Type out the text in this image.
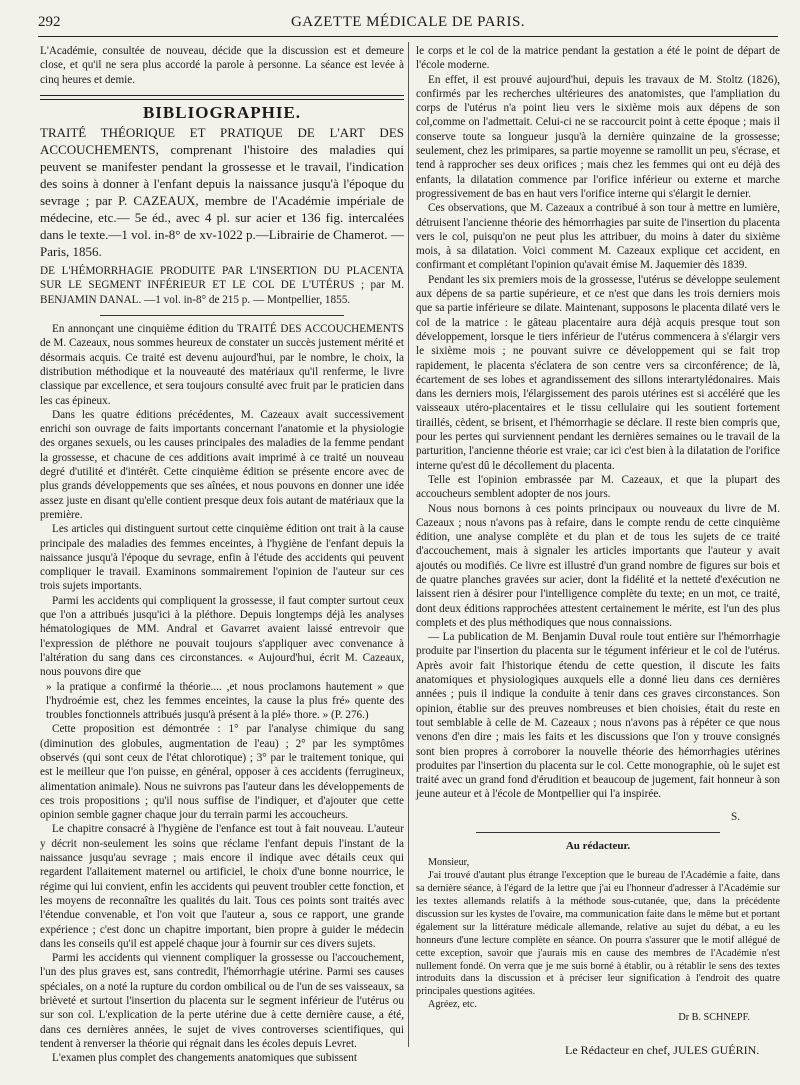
292	GAZETTE MÉDICALE DE PARIS.

L'Académie, consultée de nouveau, décide que la discussion est et demeure close, et qu'il ne sera plus accordé la parole à personne. La séance est levée à cinq heures et demie.

BIBLIOGRAPHIE.

TRAITÉ THÉORIQUE ET PRATIQUE DE L'ART DES ACCOUCHEMENTS, comprenant l'histoire des maladies qui peuvent se manifester pendant la grossesse et le travail, l'indication des soins à donner à l'enfant depuis la naissance jusqu'à l'époque du sevrage ; par P. CAZEAUX, membre de l'Académie impériale de médecine, etc.— 5e éd., avec 4 pl. sur acier et 136 fig. intercalées dans le texte.—1 vol. in-8° de xv-1022 p.—Librairie de Chamerot. — Paris, 1856.

DE L'HÉMORRHAGIE PRODUITE PAR L'INSERTION DU PLACENTA SUR LE SEGMENT INFÉRIEUR ET LE COL DE L'UTÉRUS ; par M. BENJAMIN DANAL. —1 vol. in-8° de 215 p. — Montpellier, 1855.

En annonçant une cinquième édition du TRAITÉ DES ACCOUCHEMENTS de M. Cazeaux, nous sommes heureux de constater un succès justement mérité et désormais acquis. Ce traité est devenu aujourd'hui, par le nombre, le choix, la distribution méthodique et la nouveauté des matériaux qu'il renferme, le livre classique par excellence, et sera toujours consulté avec fruit par le praticien dans les cas épineux.

Dans les quatre éditions précédentes, M. Cazeaux avait successivement enrichi son ouvrage de faits importants concernant l'anatomie et la physiologie des organes sexuels, ou les causes principales des maladies de la femme pendant la grossesse, et chacune de ces additions avait imprimé à ce traité un nouveau degré d'utilité et d'intérêt. Cette cinquième édition se présente encore avec de plus grands développements que ses aînées, et nous pouvons en donner une idée assez juste en disant qu'elle contient presque deux fois autant de matériaux que la première.

Les articles qui distinguent surtout cette cinquième édition ont trait à la cause principale des maladies des femmes enceintes, à l'hygiène de l'enfant depuis la naissance jusqu'à l'époque du sevrage, enfin à l'étude des accidents qui peuvent compliquer le travail. Examinons sommairement l'opinion de l'auteur sur ces trois sujets importants.

Parmi les accidents qui compliquent la grossesse, il faut compter surtout ceux que l'on a attribués jusqu'ici à la pléthore. Depuis longtemps déjà les analyses hématologiques de MM. Andral et Gavarret avaient laissé entrevoir que l'expression de pléthore ne pouvait toujours s'appliquer avec convenance à l'altération du sang dans ces circonstances. « Aujourd'hui, écrit M. Cazeaux, nous pouvons dire que

» la pratique a confirmé la théorie.... ,et nous proclamons hautement » que l'hydroémie est, chez les femmes enceintes, la cause la plus fré» quente des troubles fonctionnels attribués jusqu'à présent à la plé» thore. » (P. 276.)

Cette proposition est démontrée : 1° par l'analyse chimique du sang (diminution des globules, augmentation de l'eau) ; 2° par les symptômes observés (qui sont ceux de l'état chlorotique) ; 3° par le traitement tonique, qui est le meilleur que l'on puisse, en général, opposer à ces accidents (ferrugineux, alimentation animale). Nous ne suivrons pas l'auteur dans les développements de ces trois propositions ; qu'il nous suffise de l'indiquer, et d'ajouter que cette opinion semble gagner chaque jour du terrain parmi les accoucheurs.

Le chapitre consacré à l'hygiène de l'enfance est tout à fait nouveau. L'auteur y décrit non-seulement les soins que réclame l'enfant depuis l'instant de la naissance jusqu'au sevrage ; mais encore il indique avec détails ceux qui regardent l'allaitement maternel ou artificiel, le choix d'une bonne nourrice, le régime qui lui convient, enfin les accidents qui peuvent troubler cette fonction, et les moyens de reconnaître les qualités du lait. Tous ces points sont traités avec l'étendue convenable, et l'on voit que l'auteur a, sous ce rapport, une grande expérience ; c'est donc un chapitre important, bien propre à guider le médecin dans les conseils qu'il est appelé chaque jour à fournir sur ces divers sujets.

Parmi les accidents qui viennent compliquer la grossesse ou l'accouchement, l'un des plus graves est, sans contredit, l'hémorrhagie utérine. Parmi ses causes spéciales, on a noté la rupture du cordon ombilical ou de l'un de ses vaisseaux, sa brièveté et surtout l'insertion du placenta sur le segment inférieur de l'utérus ou sur son col. L'explication de la perte utérine due à cette dernière cause, a été, dans ces dernières années, le sujet de vives controverses scientifiques, qui tendent à renverser la théorie qui régnait dans les écoles depuis Levret.

L'examen plus complet des changements anatomiques que subissent

le corps et le col de la matrice pendant la gestation a été le point de départ de l'école moderne.

En effet, il est prouvé aujourd'hui, depuis les travaux de M. Stoltz (1826), confirmés par les recherches ultérieures des anatomistes, que l'ampliation du corps de l'utérus n'a point lieu vers le sixième mois aux dépens de son col,comme on l'admettait. Celui-ci ne se raccourcit point à cette époque ; mais il conserve toute sa longueur jusqu'à la dernière quinzaine de la grossesse; seulement, chez les primipares, sa partie moyenne se ramollit un peu, s'écrase, et tend à rapprocher ses deux orifices ; mais chez les femmes qui ont eu déjà des enfants, la dilatation commence par l'orifice inférieur ou externe et marche progressivement de bas en haut vers l'orifice interne qui s'élargit le dernier.

Ces observations, que M. Cazeaux a contribué à son tour à mettre en lumière, détruisent l'ancienne théorie des hémorrhagies par suite de l'insertion du placenta vers le col, puisqu'on ne peut plus les attribuer, du moins à dater du sixième mois, à sa dilatation. Voici comment M. Cazeaux explique cet accident, en confirmant et complétant l'opinion qu'avait émise M. Jaquemier dès 1839.

Pendant les six premiers mois de la grossesse, l'utérus se développe seulement aux dépens de sa partie supérieure, et ce n'est que dans les trois derniers mois que sa partie inférieure se dilate. Maintenant, supposons le placenta dilaté vers le col de la matrice : le gâteau placentaire aura déjà acquis presque tout son développement, lorsque le tiers inférieur de l'utérus commencera à s'élargir vers le sixième mois ; ne pouvant suivre ce développement qui se fait trop rapidement, le placenta s'éclatera de son centre vers sa circonférence; de là, écartement de ses lobes et agrandissement des sillons interartylédonaires. Mais dans les derniers mois, l'élargissement des parois utérines est si accéléré que les vaisseaux utéro-placentaires et le tissu cellulaire qui les soutient fortement tiraillés, cèdent, se brisent, et l'hémorrhagie se déclare. Il reste bien compris que, pour les pertes qui surviennent pendant les dernières semaines ou le travail de la parturition, l'ancienne théorie est vraie; car ici c'est bien à la dilatation de l'orifice interne qu'est dû le décollement du placenta.

Telle est l'opinion embrassée par M. Cazeaux, et que la plupart des accoucheurs semblent adopter de nos jours.

Nous nous bornons à ces points principaux ou nouveaux du livre de M. Cazeaux ; nous n'avons pas à refaire, dans le compte rendu de cette cinquième édition, une analyse complète et du plan et de tous les sujets de ce traité d'accouchement, mais à signaler les articles importants que l'auteur y avait ajoutés ou modifiés. Ce livre est illustré d'un grand nombre de figures sur bois et de quatre planches gravées sur acier, dont la fidélité et la netteté d'exécution ne laissent rien à désirer pour l'intelligence complète du texte; en un mot, ce traité, dont deux éditions rapprochées attestent certainement le mérite, est l'un des plus complets et des plus méthodiques que nous connaissions.

— La publication de M. Benjamin Duval roule tout entière sur l'hémorrhagie produite par l'insertion du placenta sur le tégument inférieur et le col de l'utérus. Après avoir fait l'historique étendu de cette question, il discute les faits anatomiques et physiologiques auxquels elle a donné lieu dans ces dernières années ; puis il indique la conduite à tenir dans ces graves circonstances. Son opinion, établie sur des preuves nombreuses et bien choisies, était du reste en tout semblable à celle de M. Cazeaux ; nous n'avons pas à répéter ce que nous venons d'en dire ; mais les faits et les discussions que l'on y trouve consignés sont bien propres à corroborer la nouvelle théorie des hémorrhagies utérines produites par l'insertion du placenta sur le col. Cette monographie, où le sujet est traité avec un grand fond d'érudition et beaucoup de jugement, fait honneur à son jeune auteur et à l'école de Montpellier qui l'a inspirée.

S.
Au rédacteur.

Monsieur,

J'ai trouvé d'autant plus étrange l'exception que le bureau de l'Académie a faite, dans sa dernière séance, à l'égard de la lettre que j'ai eu l'honneur d'adresser à l'Académie sur les textes allemands relatifs à la méthode sous-cutanée, que, dans la précédente discussion sur les kystes de l'ovaire, ma communication faite dans le même but et portant également sur la littérature médicale allemande, relative au sujet du débat, a eu les honneurs d'une lecture complète en séance. On pourra s'assurer que le motif allégué de cette exception, savoir que j'aurais mis en cause des membres de l'Académie n'est nullement fondé. On verra que je me suis borné à établir, ou à rétablir le sens des textes introduits dans la discussion et à préciser leur signification à l'endroit des quatre principales questions agitées.

Agréez, etc.

Dr B. SCHNEPF.
Le Rédacteur en chef, JULES GUÉRIN.
